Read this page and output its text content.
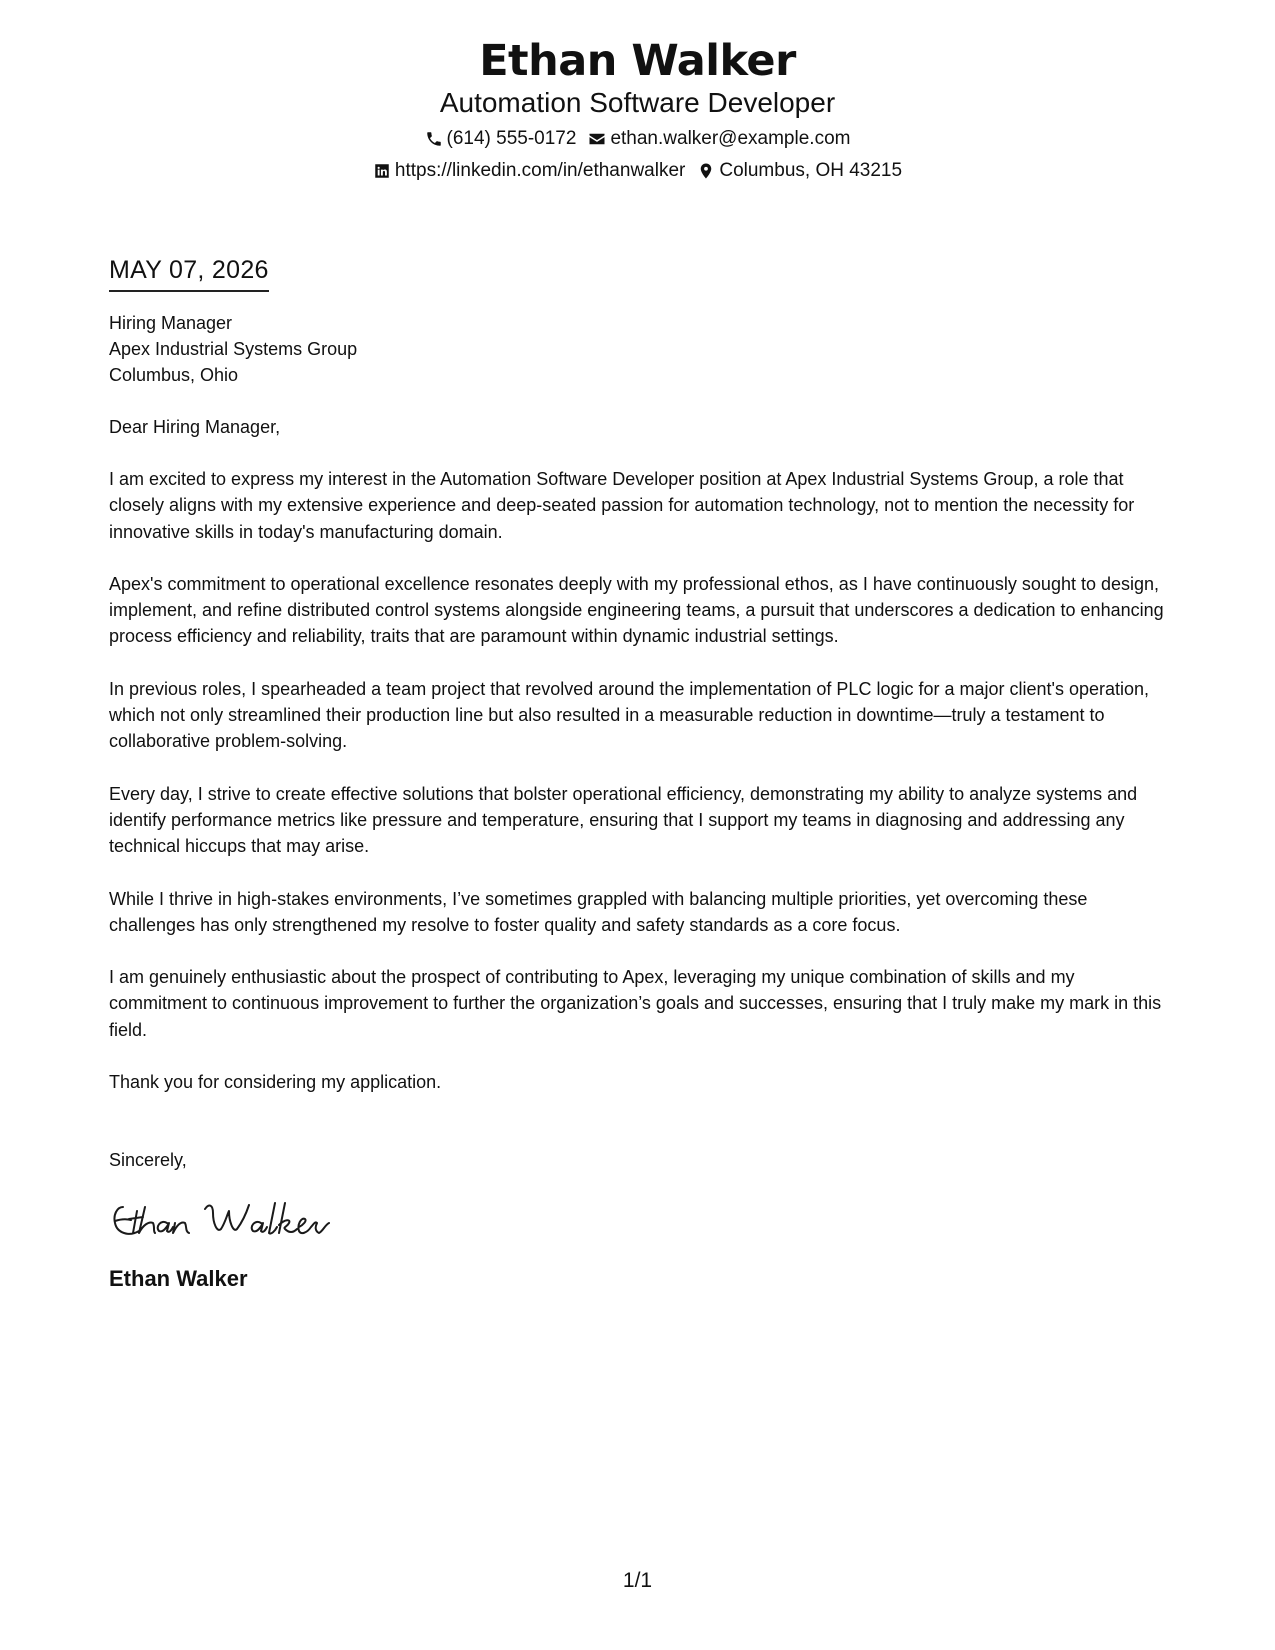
Ethan Walker
Automation Software Developer
(614) 555-0172 ethan.walker@example.com
https://linkedin.com/in/ethanwalker Columbus, OH 43215
MAY 07, 2026
Hiring Manager
Apex Industrial Systems Group
Columbus, Ohio
Dear Hiring Manager,
I am excited to express my interest in the Automation Software Developer position at Apex Industrial Systems Group, a role that closely aligns with my extensive experience and deep-seated passion for automation technology, not to mention the necessity for innovative skills in today's manufacturing domain.
Apex's commitment to operational excellence resonates deeply with my professional ethos, as I have continuously sought to design, implement, and refine distributed control systems alongside engineering teams, a pursuit that underscores a dedication to enhancing process efficiency and reliability, traits that are paramount within dynamic industrial settings.
In previous roles, I spearheaded a team project that revolved around the implementation of PLC logic for a major client's operation, which not only streamlined their production line but also resulted in a measurable reduction in downtime—truly a testament to collaborative problem-solving.
Every day, I strive to create effective solutions that bolster operational efficiency, demonstrating my ability to analyze systems and identify performance metrics like pressure and temperature, ensuring that I support my teams in diagnosing and addressing any technical hiccups that may arise.
While I thrive in high-stakes environments, I’ve sometimes grappled with balancing multiple priorities, yet overcoming these challenges has only strengthened my resolve to foster quality and safety standards as a core focus.
I am genuinely enthusiastic about the prospect of contributing to Apex, leveraging my unique combination of skills and my commitment to continuous improvement to further the organization’s goals and successes, ensuring that I truly make my mark in this field.
Thank you for considering my application.
Sincerely,
Ethan Walker
1/1
